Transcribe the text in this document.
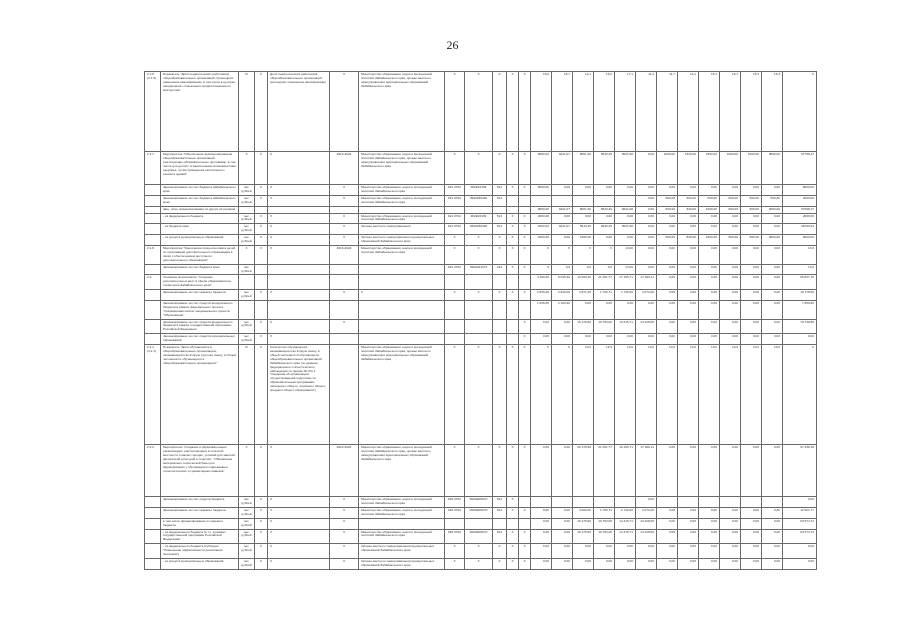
26
2.1.6. (3.1.5)	Показатель "Доля педагогических работников общеобразовательных организаций, прошедших повышение квалификации, в том числе в центрах непрерывного повышения профессионального мастерства"	%	X	Доля педагогических работников общеобразовательных организаций, прошедших повышение квалификации	X	Министерство образования, науки и молодежной политики Забайкальского края, органы местного самоуправления муниципальных образований Забайкальского края	X	X	X	X	X	10,0	15,7	14,1	16,2	17,1	11,2	11,7	14,1	16,1	16,1	15,3	16,3	X
2.1.7.	Мероприятие "Обеспечение функционирования общеобразовательных организаций, реализующих образовательные программы, в том числе для детей с ограниченными возможностями здоровья, путем проведения капитального ремонта зданий"	X	X	X	2014-2024	Министерство образования, науки и молодежной политики Забайкальского края, органы местного самоуправления муниципальных образований Забайкальского края	X	X	X	X	X	8000,00	9441,07	8001,30	5540,49	9641,08	0,00	1000,00	1340,00	1500,00	1000,00	1000,00	9500,00	67798,47
	финансирование за счет бюджета Забайкальского края	тыс. рублей	X	X	X	Министерство образования, науки и молодежной политики Забайкальского края	821 0702	062E15169	521	X	X	8000,00	0,00	0,00	0,00	0,00	0,00	0,00	0,00	0,00	0,00	0,00	0,00	8000,00
	финансирование за счет бюджета Забайкальского края	тыс. рублей	X	X	X	Министерство образования, науки и молодежной политики Забайкальского края	821 0702	0620256490	521								0,00	500,00	500,00	500,00	500,00	500,00	500,00	3000,00
	фин. план. финансирования из других источников											8000,00	9441,07	8001,30	5540,49	9641,08	0,00	500,00	840,00	1000,00	500,00	500,00	9000,00	53798,47
	- из федерального бюджета	тыс. рублей	X	X	X	Министерство образования, науки и молодежной политики Забайкальского края	821 0702	062E15169	521	X	X	2000,00	0,00	0,00	0,00	0,00	0,00	0,00	0,00	0,00	0,00	0,00	0,00	2000,00
	- из бюджета края	тыс. рублей	X	X	X	Органы местного самоуправления	821 0702	0620256490	521	X	X	2000,00	9441,07	5910,30	3940,49	9641,08	0,00	0,00	0,00	0,00	0,00	0,00	0,00	31032,94
	- из средств муниципальных образований	тыс. рублей	X	X	X	Органы местного самоуправления муниципальных образований Забайкальского края	X	X	X	X	X	2000,00	0,00	1600,00	0,00	0,00	0,00	500,00	840,00	1000,00	500,00	500,00	9000,00	9020,00
2.1.8.	Мероприятие "Увеличение процента охвата детей по программам дополнительного образования в связи с обеспечением доступного дополнительного образования"	X	X	X	2016-2024	Министерство образования, науки и молодежной политики Забайкальского края	X	X	X	X	X	X	X	X	X	13,00	0,00	0,00	0,00	0,00	0,00	0,00	0,00	13,0
	финансирование за счет бюджета края	тыс. рублей					821 0702	0620021473	244	X	X	0	0,0	0,0	0,0	13,00	0,00	0,00	0,00	0,00	0,00	0,00	0,00	13,0
2.2.	Основное мероприятие "Создание дополнительных мест в сфере образования на территории Забайкальского края"											4 490,00	5 049,20	10 900,20	21 461,77	17 155,71	17 300,11	0,00	0,00	0,00	0,00	0,00	0,00	66 837,70
	финансирование за счет краевого бюджета	тыс. рублей	X	X	X	X	X	X	X	X	X	2 845,00	2 940,00	4 871,30	1 709,71	2 740,00	4 072,06	0,00	0,00	0,00	0,00	0,00	0,00	19 178,06
	финансирование за счет средств федерального бюджета в рамках федерального проекта "Современная школа" национального проекта "Образование"											1 645,00	2 109,20	0,00	0,00	0,00	0,00	0,00	0,00	0,00	0,00	0,00	0,00	7 659,60
	финансирование за счет средств федерального бюджета в рамках государственной программы Российской Федерации	тыс. рублей	X	X	X						X	0,00	0,00	16 178,90	19 752,06	14 415,71	13 228,05	0,00	0,00	0,00	0,00	0,00	0,00	79 748,88
	финансирование за счет средств муниципальных образований	тыс. рублей	X	X							X	0,00	0,00	0,00	0,00	0,00	0,00	0,00	0,00	0,00	0,00	0,00	0,00	0,00
2.2.1. (3.2.1)	Показатель "Доля обучающихся в общеобразовательных организациях, занимающихся во вторую (третью) смену, в общей численности обучающихся в общеобразовательных организациях"	%	X	Количество обучающихся, занимающихся во вторую смену, в общей численности обучающихся общеобразовательных организаций Забайкальского края (по данным федерального статистического наблюдения по форме № ОО-1 "Сведения об организации, осуществляющей подготовку по образовательным программам начального общего, основного общего, среднего общего образования")		Министерство образования, науки и молодежной политики Забайкальского края, органы местного самоуправления муниципальных образований Забайкальского края	X	X	X	X	X	X	X	10,0	12,0	10,0	10,0	10,0	10,0	10,0	10,0	10,0	10,0	X
2.2.2.	Мероприятие "Создание в образовательных организациях, расположенных в сельской местности и малых городах, условий для занятий физической культурой и спортом", "Обновление материально-технической базы для формирования у обучающихся современных технологических и гуманитарных навыков"	X	X	X	2014-2024	Министерство образования, науки и молодежной политики Забайкальского края, органы местного самоуправления муниципальных образований Забайкальского края	X	X	X	X	X	0,00	0,00	20 178,90	21 461,77	19 155,71	17 300,11	0,00	0,00	0,00	0,00	0,00	0,00	97 438,18
	финансирование за счет средств бюджета	тыс. рублей	X	X	X	Министерство образования, науки и молодежной политики Забайкальского края	826 0702	06202R0970	521	X							0,00							0,00
	финансирование за счет краевого бюджета	тыс. рублей	X	X	X	Министерство образования, науки и молодежной политики Забайкальского края	826 0702	06202R0970	521	X	X	0,00	0,00	4 000,00	1 709,71	2 740,00	4 072,06	0,00	0,00	0,00	0,00	0,00	0,00	12 521,77
	в том числе финансирование из краевого бюджета	тыс. рублей	X	X	X							0,00	0,00	16 178,90	19 752,06	14 415,71	13 228,05	0,00	0,00	0,00	0,00	0,00	0,00	63 574,72
	- из федерального бюджета (в т.ч. в рамках государственной программы Российской Федерации)	тыс. рублей	X	X	X	Министерство образования, науки и молодежной политики Забайкальского края	826 0702	06202R0970	521	X	X	0,00	0,00	16 178,90	19 752,06	14 415,71	13 228,05	0,00	0,00	0,00	0,00	0,00	0,00	63 574,72
	- из федерального бюджета (субсидия "Повышение эффективности реализации программ")	тыс. рублей	X	X	X	Органы местного самоуправления муниципальных образований Забайкальского края	X	X	X	X	X	0,00	0,00	0,00	0,00	0,00	0,00	0,00	0,00	0,00	0,00	0,00	0,00	0,00
	- из средств муниципальных образований	тыс. рублей	X	X	X	Органы местного самоуправления муниципальных образований Забайкальского края	X	X	X	X	X	0,00	0,00	0,00	0,00	0,00	0,00	0,00	0,00	0,00	0,00	0,00	0,00	0,00
